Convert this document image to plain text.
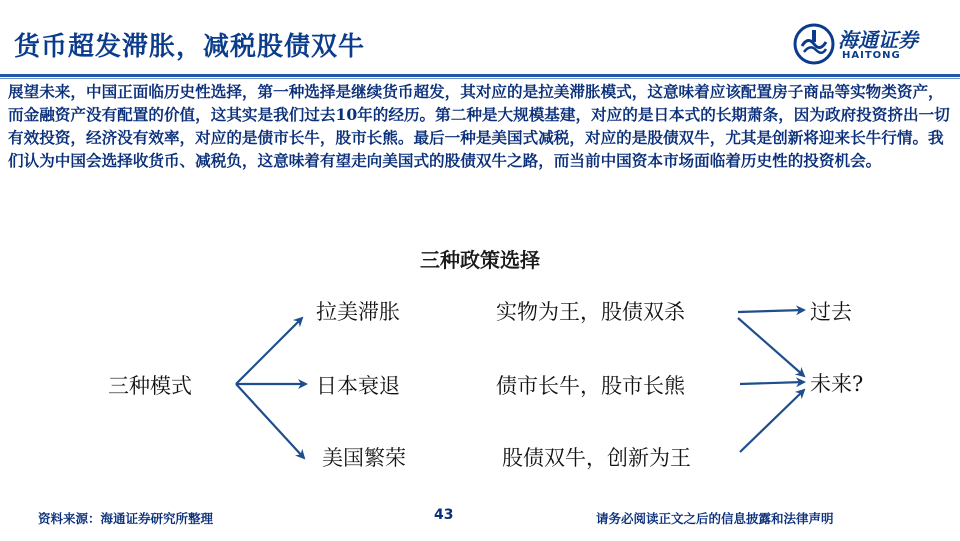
货币超发滞胀，减税股债双牛	海通证券
HAITONG

展望未来，中国正面临历史性选择，第一种选择是继续货币超发，其对应的是拉美滞胀模式，这意味着应该配置房子商品等实物类资产，而金融资产没有配置的价值，这其实是我们过去10年的经历。第二种是大规模基建，对应的是日本式的长期萧条，因为政府投资挤出一切有效投资，经济没有效率，对应的是债市长牛，股市长熊。最后一种是美国式减税，对应的是股债双牛，尤其是创新将迎来长牛行情。我们认为中国会选择收货币、减税负，这意味着有望走向美国式的股债双牛之路，而当前中国资本市场面临着历史性的投资机会。

三种政策选择
三种模式
拉美滞胀
日本衰退
美国繁荣
实物为王，股债双杀
债市长牛，股市长熊
股债双牛，创新为王
过去
未来?
资料来源：海通证券研究所整理	43	请务必阅读正文之后的信息披露和法律声明
